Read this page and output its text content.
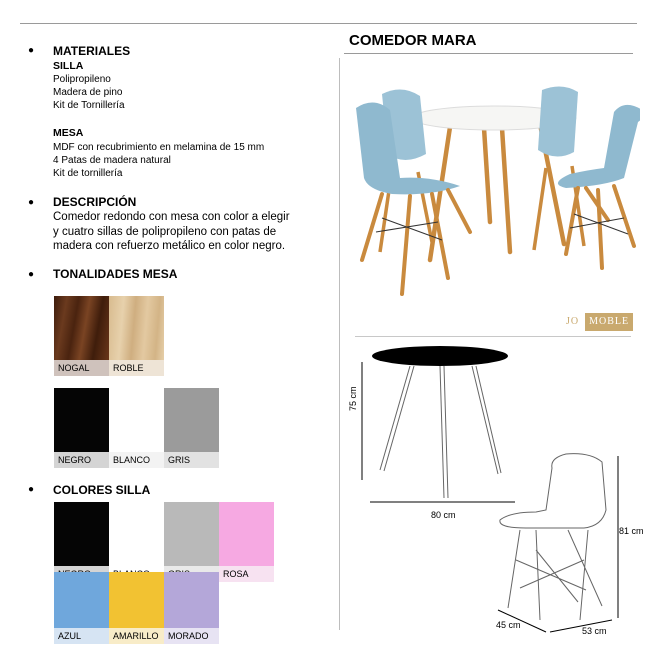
● MATERIALES
SILLA
Polipropileno
Madera de pino
Kit de Tornillería
MESA
MDF con recubrimiento en melamina de 15 mm
4 Patas de madera natural
Kit de tornillería
● DESCRIPCIÓN
Comedor redondo con mesa con color a elegir
y cuatro sillas de polipropileno con patas de
madera con refuerzo metálico en color negro.
● TONALIDADES MESA
NOGAL	ROBLE
NEGRO	BLANCO	GRIS
● COLORES SILLA
ROSA
AZUL	AMARILLO	MORADO
COMEDOR MARA
JO	MOBLE
75 cm
80 cm
81 cm
45 cm
53 cm
